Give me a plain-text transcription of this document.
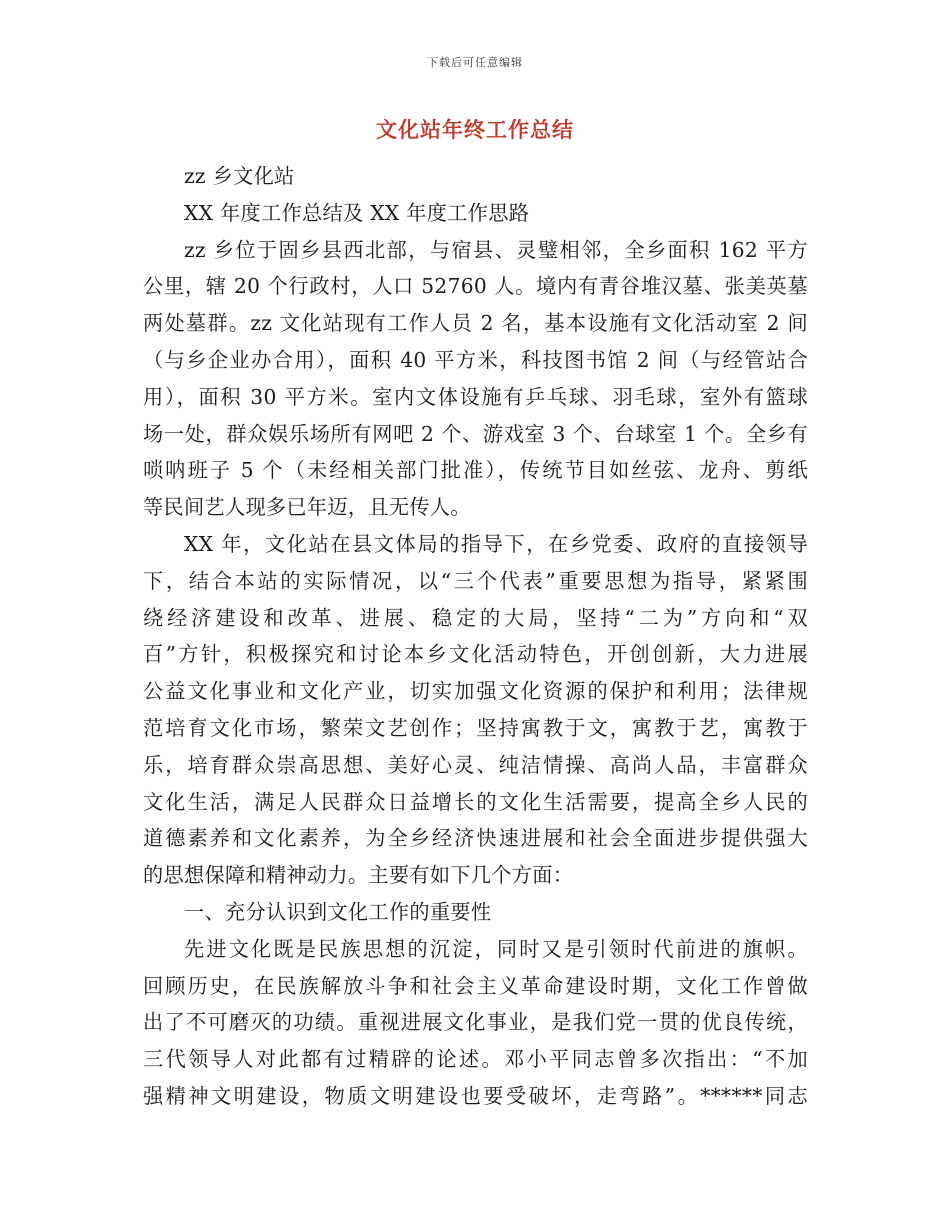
下载后可任意编辑
文化站年终工作总结
zz 乡文化站
XX 年度工作总结及 XX 年度工作思路
zz 乡位于固乡县西北部，与宿县、灵璧相邻，全乡面积 162 平方
公里，辖 20 个行政村，人口 52760 人。境内有青谷堆汉墓、张美英墓
两处墓群。zz 文化站现有工作人员 2 名，基本设施有文化活动室 2 间
（与乡企业办合用），面积 40 平方米，科技图书馆 2 间（与经管站合
用），面积 30 平方米。室内文体设施有乒乓球、羽毛球，室外有篮球
场一处，群众娱乐场所有网吧 2 个、游戏室 3 个、台球室 1 个。全乡有
唢呐班子 5 个（未经相关部门批准），传统节目如丝弦、龙舟、剪纸
等民间艺人现多已年迈，且无传人。
XX 年，文化站在县文体局的指导下，在乡党委、政府的直接领导
下，结合本站的实际情况，以“三个代表”重要思想为指导，紧紧围
绕经济建设和改革、进展、稳定的大局，坚持“二为”方向和“双
百”方针，积极探究和讨论本乡文化活动特色，开创创新，大力进展
公益文化事业和文化产业，切实加强文化资源的保护和利用；法律规
范培育文化市场，繁荣文艺创作；坚持寓教于文，寓教于艺，寓教于
乐，培育群众崇高思想、美好心灵、纯洁情操、高尚人品，丰富群众
文化生活，满足人民群众日益增长的文化生活需要，提高全乡人民的
道德素养和文化素养，为全乡经济快速进展和社会全面进步提供强大
的思想保障和精神动力。主要有如下几个方面：
一、充分认识到文化工作的重要性
先进文化既是民族思想的沉淀，同时又是引领时代前进的旗帜。
回顾历史，在民族解放斗争和社会主义革命建设时期，文化工作曾做
出了不可磨灭的功绩。重视进展文化事业，是我们党一贯的优良传统，
三代领导人对此都有过精辟的论述。邓小平同志曾多次指出：“不加
强精神文明建设，物质文明建设也要受破坏，走弯路”。******同志
